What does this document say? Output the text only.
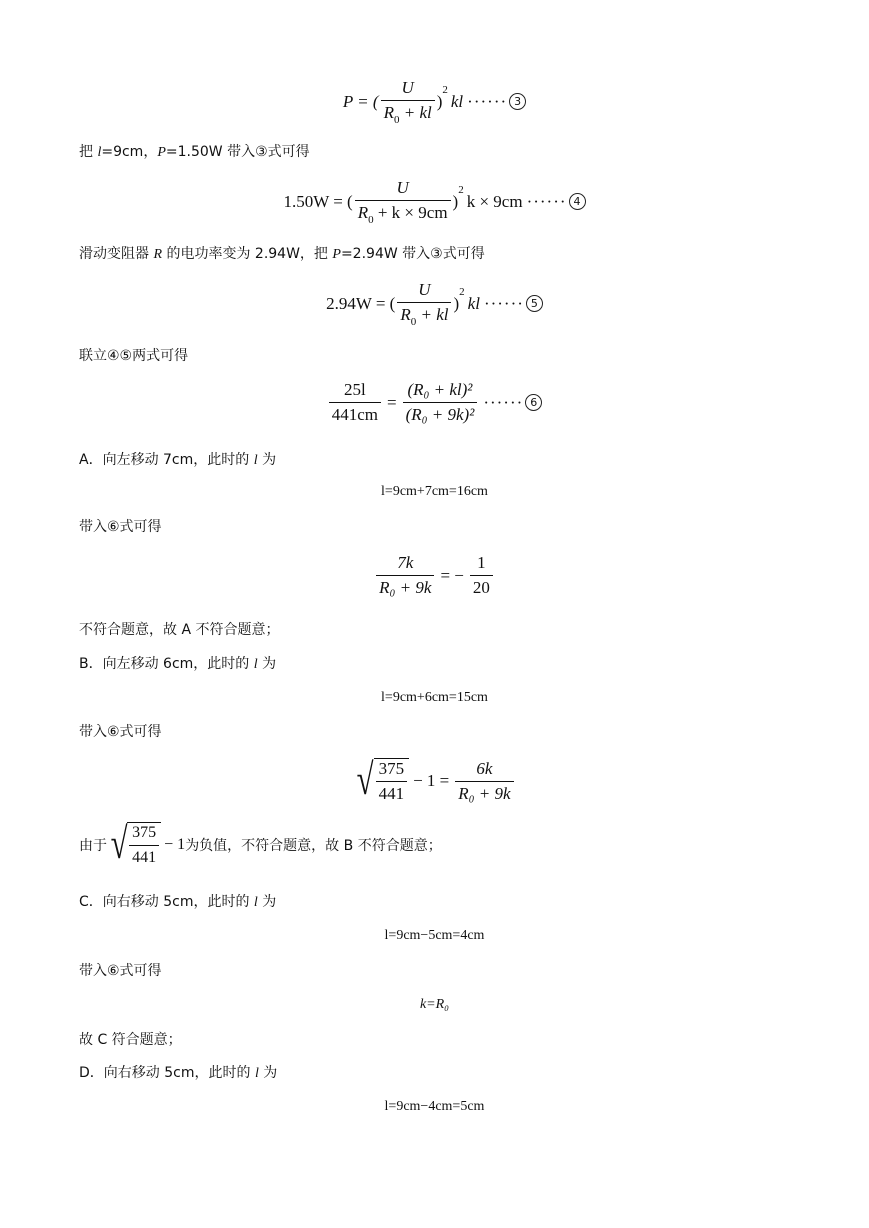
P = ( $\frac{U}{R_0 + kl}$ )
2
kl ······ 3
把 l=9cm，P=1.50W 带入③式可得
1.50W = ( $\frac{U}{R_0 + k \times 9cm}$ )
2
k × 9cm ······ 4
滑动变阻器 R 的电功率变为 2.94W，把 P=2.94W 带入③式可得
2.94W = ( $\frac{U}{R_0 + kl}$ )
2
kl ······ 5
联立④⑤两式可得
$\frac{25l}{441cm} = \frac{\text{(R₀ + kl)²}}{\text{(R₀ + 9k)²}}$ ······ 6
A．向左移动 7cm，此时的 l 为
l=9cm+7cm=16cm
带入⑥式可得
$\frac{7k}{\text{R₀ + 9k}}$ = − $\frac{1}{20}$
不符合题意，故 A 不符合题意；
B．向左移动 6cm，此时的 l 为
l=9cm+6cm=15cm
带入⑥式可得
√ $\frac{375}{441} - 1 = \frac{6k}{\text{R₀ + 9k}}$
由于 √ $\frac{375}{441} - 1$ 为负值，不符合题意，故 B 不符合题意；
C．向右移动 5cm，此时的 l 为
l=9cm−5cm=4cm
带入⑥式可得
k=R₀
故 C 符合题意；
D．向右移动 5cm，此时的 l 为
l=9cm−4cm=5cm
